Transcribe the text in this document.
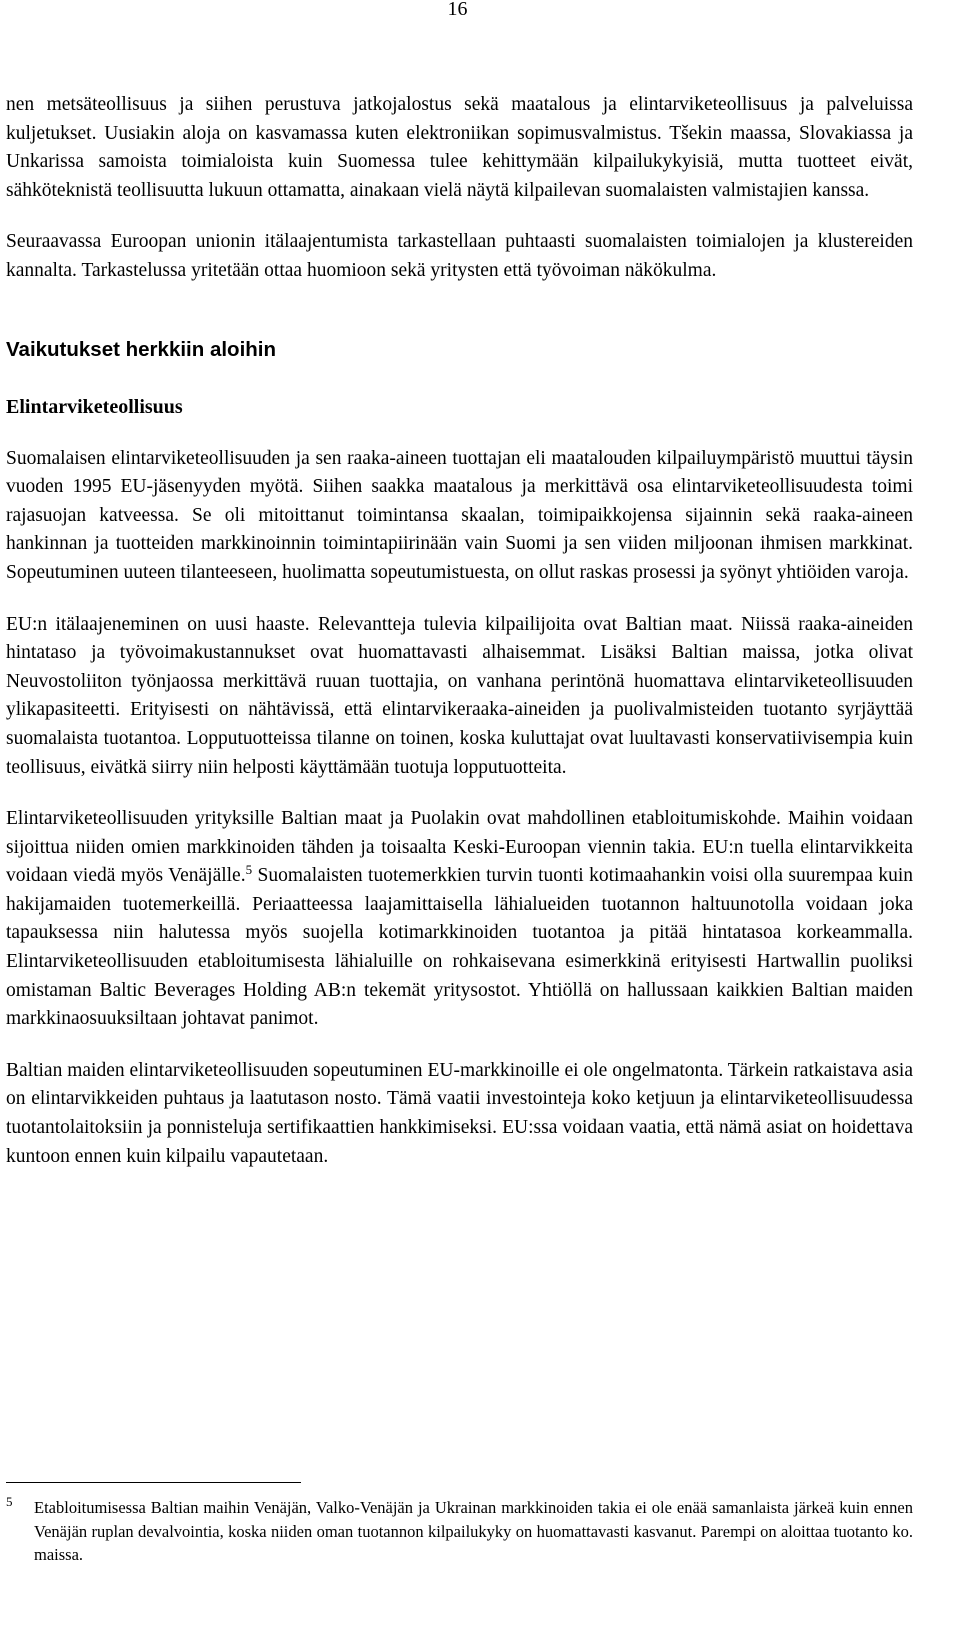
16

nen metsäteollisuus ja siihen perustuva jatkojalostus sekä maatalous ja elintarviketeollisuus ja palveluissa kuljetukset. Uusiakin aloja on kasvamassa kuten elektroniikan sopimusvalmistus. Tšekin maassa, Slovakiassa ja Unkarissa samoista toimialoista kuin Suomessa tulee kehittymään kilpailukykyisiä, mutta tuotteet eivät, sähköteknistä teollisuutta lukuun ottamatta, ainakaan vielä näytä kilpailevan suomalaisten valmistajien kanssa.

Seuraavassa Euroopan unionin itälaajentumista tarkastellaan puhtaasti suomalaisten toimialojen ja klustereiden kannalta. Tarkastelussa yritetään ottaa huomioon sekä yritysten että työvoiman näkökulma.

Vaikutukset herkkiin aloihin
Elintarviketeollisuus

Suomalaisen elintarviketeollisuuden ja sen raaka-aineen tuottajan eli maatalouden kilpailuympäristö muuttui täysin vuoden 1995 EU-jäsenyyden myötä. Siihen saakka maatalous ja merkittävä osa elintarviketeollisuudesta toimi rajasuojan katveessa. Se oli mitoittanut toimintansa skaalan, toimipaikkojensa sijainnin sekä raaka-aineen hankinnan ja tuotteiden markkinoinnin toimintapiirinään vain Suomi ja sen viiden miljoonan ihmisen markkinat. Sopeutuminen uuteen tilanteeseen, huolimatta sopeutumistuesta, on ollut raskas prosessi ja syönyt yhtiöiden varoja.

EU:n itälaajeneminen on uusi haaste. Relevantteja tulevia kilpailijoita ovat Baltian maat. Niissä raaka-aineiden hintataso ja työvoimakustannukset ovat huomattavasti alhaisemmat. Lisäksi Baltian maissa, jotka olivat Neuvostoliiton työnjaossa merkittävä ruuan tuottajia, on vanhana perintönä huomattava elintarviketeollisuuden ylikapasiteetti. Erityisesti on nähtävissä, että elintarvikeraaka-aineiden ja puolivalmisteiden tuotanto syrjäyttää suomalaista tuotantoa. Lopputuotteissa tilanne on toinen, koska kuluttajat ovat luultavasti konservatiivisempia kuin teollisuus, eivätkä siirry niin helposti käyttämään tuotuja lopputuotteita.

Elintarviketeollisuuden yrityksille Baltian maat ja Puolakin ovat mahdollinen etabloitumiskohde. Maihin voidaan sijoittua niiden omien markkinoiden tähden ja toisaalta Keski-Euroopan viennin takia. EU:n tuella elintarvikkeita voidaan viedä myös Venäjälle.$^5$ Suomalaisten tuotemerkkien turvin tuonti kotimaahankin voisi olla suurempaa kuin hakijamaiden tuotemerkeillä. Periaatteessa laajamittaisella lähialueiden tuotannon haltuunotolla voidaan joka tapauksessa niin halutessa myös suojella kotimarkkinoiden tuotantoa ja pitää hintatasoa korkeammalla. Elintarviketeollisuuden etabloitumisesta lähialuille on rohkaisevana esimerkkinä erityisesti Hartwallin puoliksi omistaman Baltic Beverages Holding AB:n tekemät yritysostot. Yhtiöllä on hallussaan kaikkien Baltian maiden markkinaosuuksiltaan johtavat panimot.

Baltian maiden elintarviketeollisuuden sopeutuminen EU-markkinoille ei ole ongelmatonta. Tärkein ratkaistava asia on elintarvikkeiden puhtaus ja laatutason nosto. Tämä vaatii investointeja koko ketjuun ja elintarviketeollisuudessa tuotantolaitoksiin ja ponnisteluja sertifikaattien hankkimiseksi. EU:ssa voidaan vaatia, että nämä asiat on hoidettava kuntoon ennen kuin kilpailu vapautetaan.

5 Etabloitumisessa Baltian maihin Venäjän, Valko-Venäjän ja Ukrainan markkinoiden takia ei ole enää samanlaista järkeä kuin ennen Venäjän ruplan devalvointia, koska niiden oman tuotannon kilpailukyky on huomattavasti kasvanut. Parempi on aloittaa tuotanto ko. maissa.
